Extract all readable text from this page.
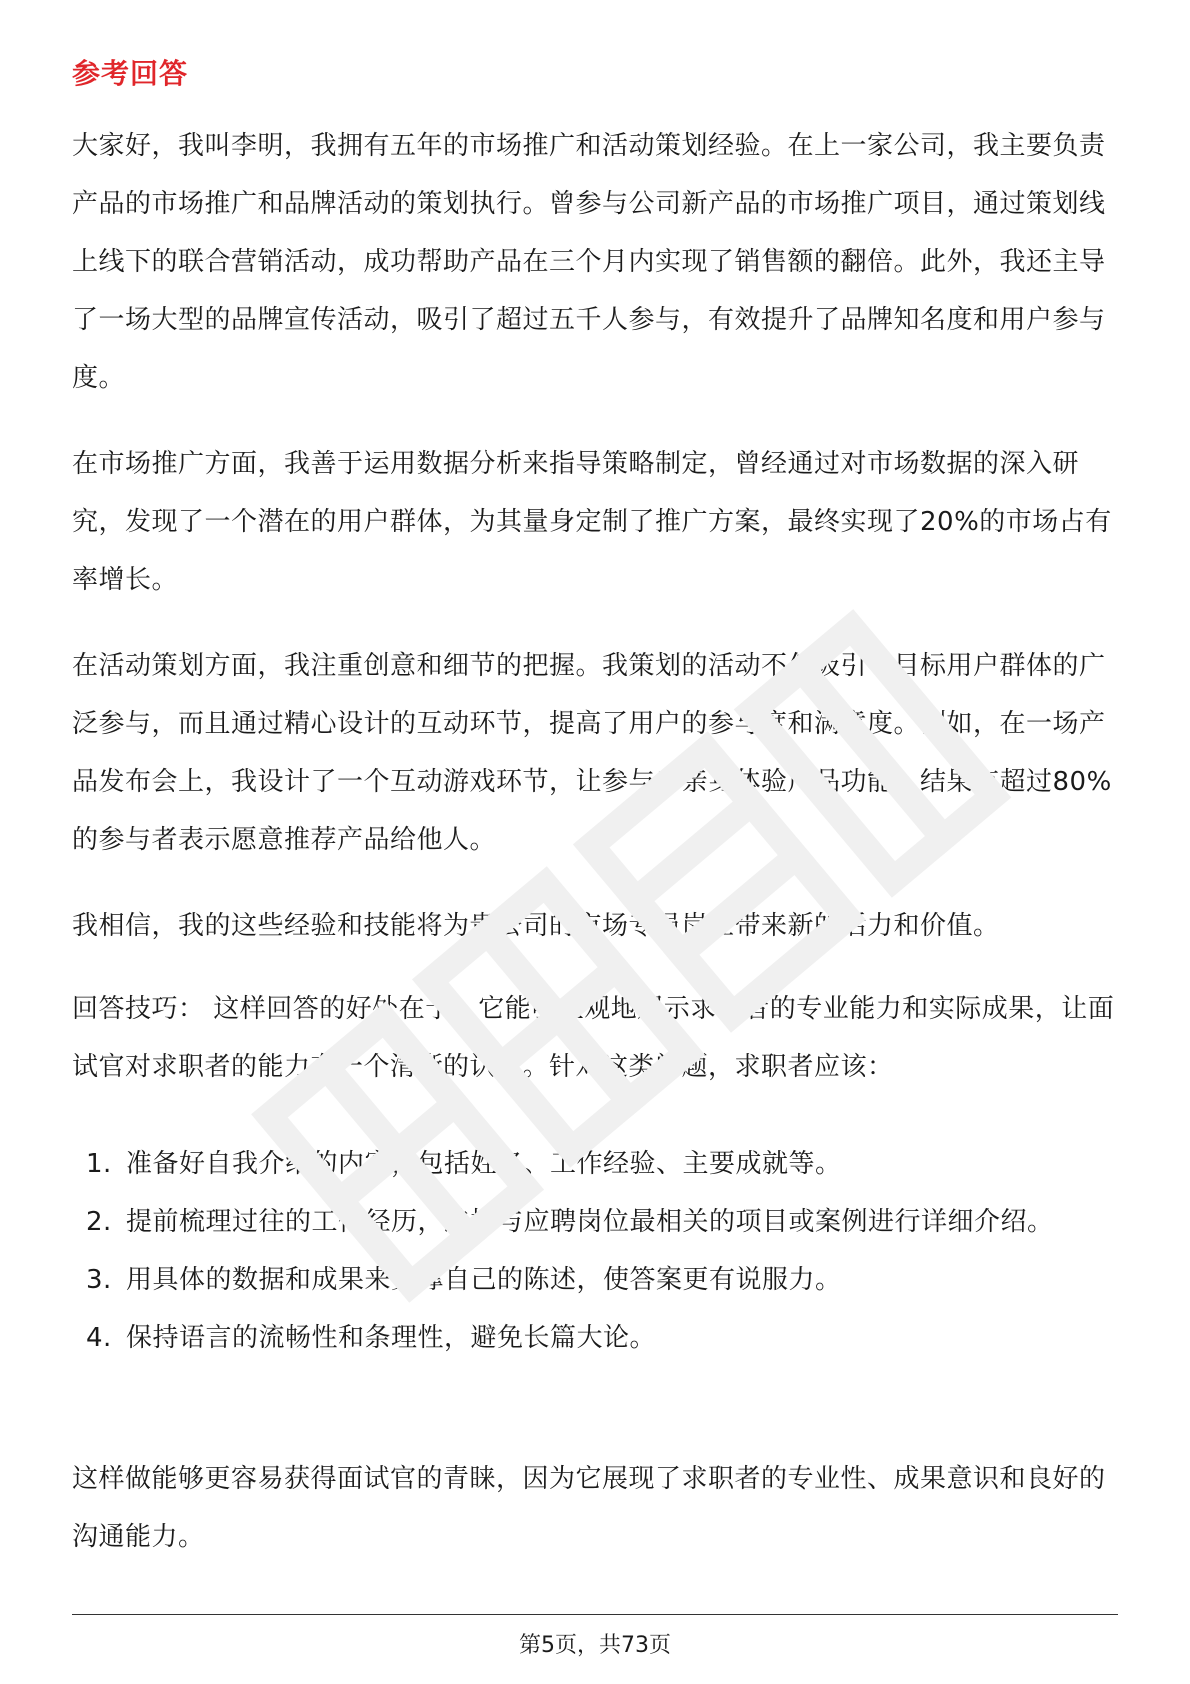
参考回答

大家好，我叫李明，我拥有五年的市场推广和活动策划经验。在上一家公司，我主要负责产品的市场推广和品牌活动的策划执行。曾参与公司新产品的市场推广项目，通过策划线上线下的联合营销活动，成功帮助产品在三个月内实现了销售额的翻倍。此外，我还主导了一场大型的品牌宣传活动，吸引了超过五千人参与，有效提升了品牌知名度和用户参与度。

在市场推广方面，我善于运用数据分析来指导策略制定，曾经通过对市场数据的深入研究，发现了一个潜在的用户群体，为其量身定制了推广方案，最终实现了20%的市场占有率增长。

在活动策划方面，我注重创意和细节的把握。我策划的活动不仅吸引了目标用户群体的广泛参与，而且通过精心设计的互动环节，提高了用户的参与度和满意度。例如，在一场产品发布会上，我设计了一个互动游戏环节，让参与者亲身体验产品功能，结果有超过80%的参与者表示愿意推荐产品给他人。

我相信，我的这些经验和技能将为贵公司的市场专员岗位带来新的活力和价值。

回答技巧： 这样回答的好处在于，它能够直观地展示求职者的专业能力和实际成果，让面试官对求职者的能力有一个清晰的认识。针对这类问题，求职者应该：

1. 准备好自我介绍的内容，包括姓名、工作经验、主要成就等。
2. 提前梳理过往的工作经历，选择与应聘岗位最相关的项目或案例进行详细介绍。
3. 用具体的数据和成果来支撑自己的陈述，使答案更有说服力。
4. 保持语言的流畅性和条理性，避免长篇大论。

这样做能够更容易获得面试官的青睐，因为它展现了求职者的专业性、成果意识和良好的沟通能力。

第5页，共73页
